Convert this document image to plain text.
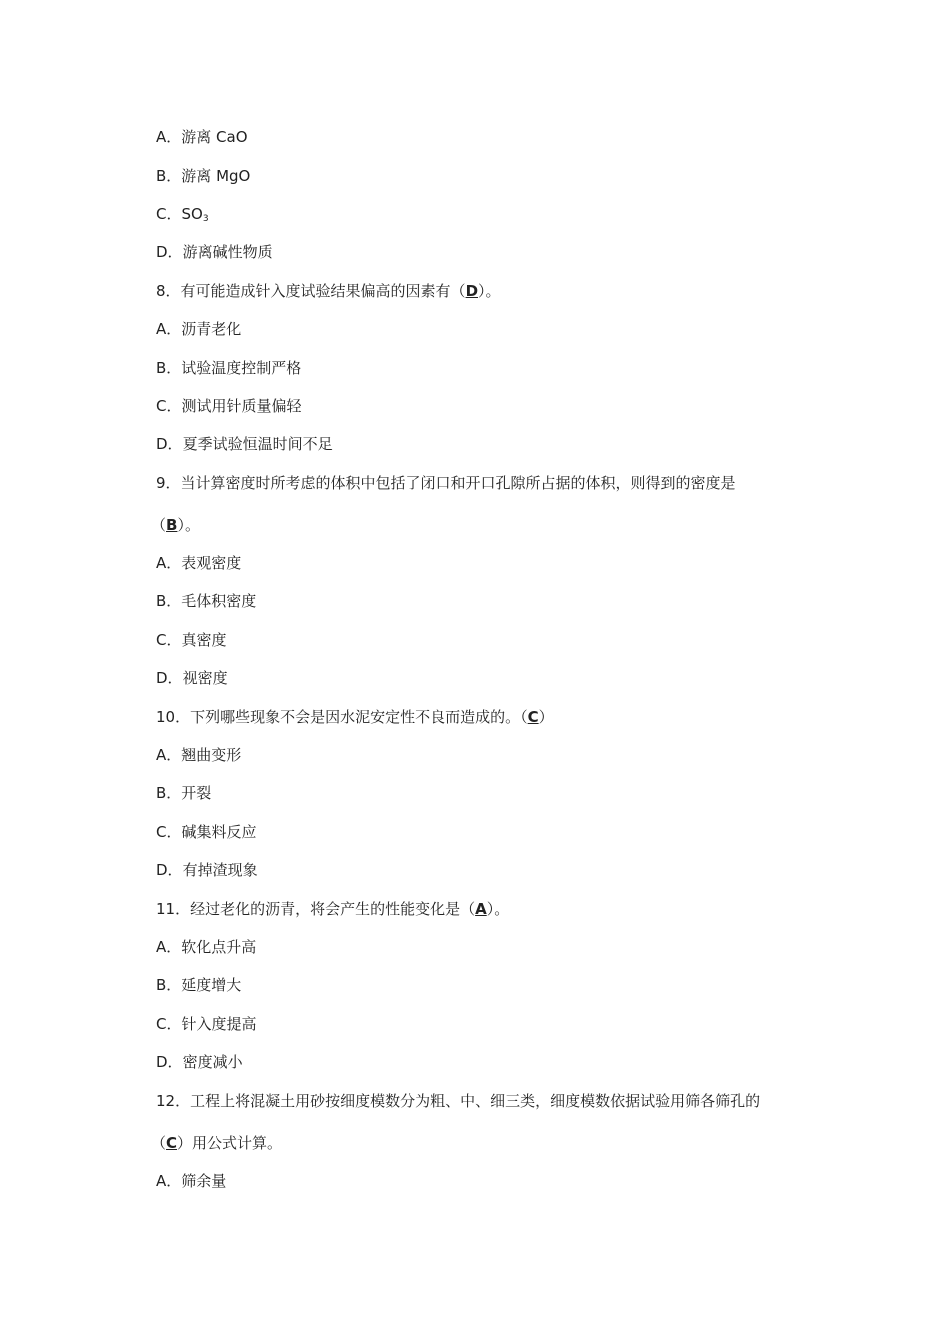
A．游离 CaO
B．游离 MgO
C．$SO_3$
D．游离碱性物质
8．有可能造成针入度试验结果偏高的因素有（D）。
A．沥青老化
B．试验温度控制严格
C．测试用针质量偏轻
D．夏季试验恒温时间不足
9．当计算密度时所考虑的体积中包括了闭口和开口孔隙所占据的体积，则得到的密度是
（B）。
A．表观密度
B．毛体积密度
C．真密度
D．视密度
10．下列哪些现象不会是因水泥安定性不良而造成的。（C）
A．翘曲变形
B．开裂
C．碱集料反应
D．有掉渣现象
11．经过老化的沥青，将会产生的性能变化是（A）。
A．软化点升高
B．延度增大
C．针入度提高
D．密度减小
12．工程上将混凝土用砂按细度模数分为粗、中、细三类，细度模数依据试验用筛各筛孔的
（C）用公式计算。
A．筛余量
